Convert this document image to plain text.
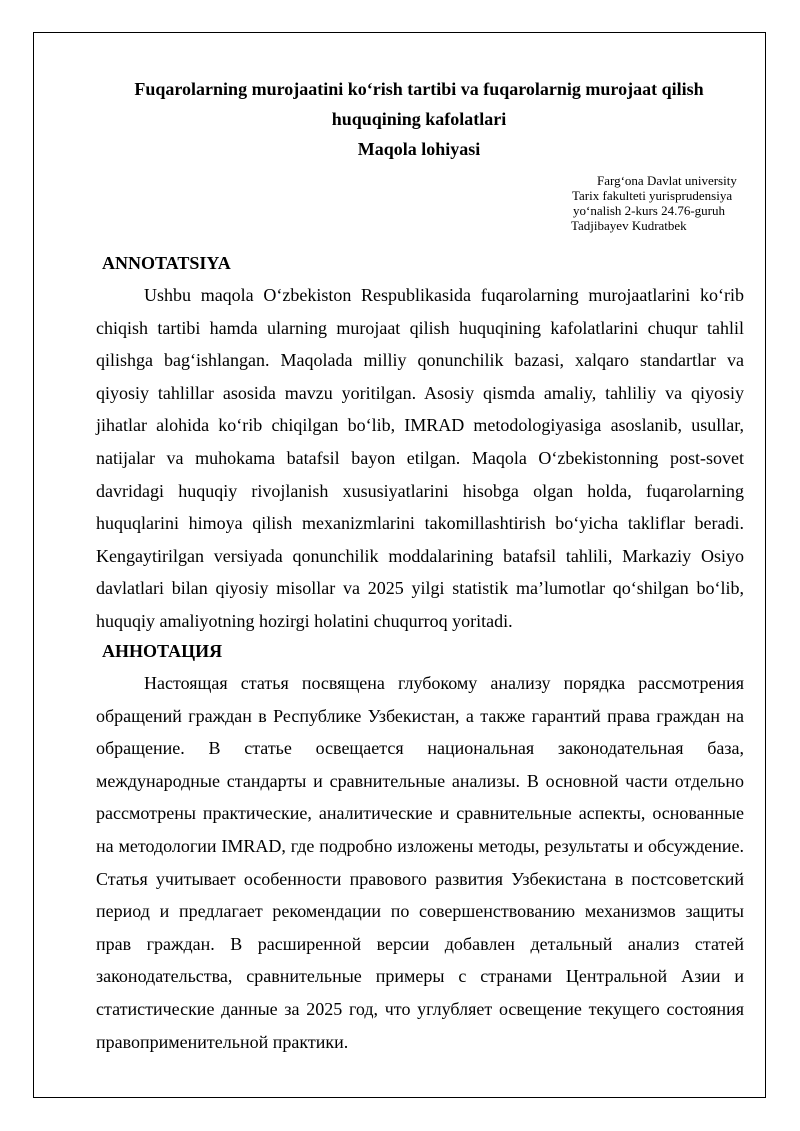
Fuqarolarning murojaatini ko‘rish tartibi va fuqarolarnig murojaat qilish
huquqining kafolatlari
Maqola lohiyasi
Farg‘ona Davlat university
Tarix fakulteti yurisprudensiya
yo‘nalish 2-kurs 24.76-guruh
Tadjibayev Kudratbek
ANNOTATSIYA

Ushbu maqola O‘zbekiston Respublikasida fuqarolarning murojaatlarini ko‘rib chiqish tartibi hamda ularning murojaat qilish huquqining kafolatlarini chuqur tahlil qilishga bag‘ishlangan. Maqolada milliy qonunchilik bazasi, xalqaro standartlar va qiyosiy tahlillar asosida mavzu yoritilgan. Asosiy qismda amaliy, tahliliy va qiyosiy jihatlar alohida ko‘rib chiqilgan bo‘lib, IMRAD metodologiyasiga asoslanib, usullar, natijalar va muhokama batafsil bayon etilgan. Maqola O‘zbekistonning post-sovet davridagi huquqiy rivojlanish xususiyatlarini hisobga olgan holda, fuqarolarning huquqlarini himoya qilish mexanizmlarini takomillashtirish bo‘yicha takliflar beradi. Kengaytirilgan versiyada qonunchilik moddalarining batafsil tahlili, Markaziy Osiyo davlatlari bilan qiyosiy misollar va 2025 yilgi statistik ma’lumotlar qo‘shilgan bo‘lib, huquqiy amaliyotning hozirgi holatini chuqurroq yoritadi.

АННОТАЦИЯ

Настоящая статья посвящена глубокому анализу порядка рассмотрения обращений граждан в Республике Узбекистан, а также гарантий права граждан на обращение. В статье освещается национальная законодательная база, международные стандарты и сравнительные анализы. В основной части отдельно рассмотрены практические, аналитические и сравнительные аспекты, основанные на методологии IMRAD, где подробно изложены методы, результаты и обсуждение. Статья учитывает особенности правового развития Узбекистана в постсоветский период и предлагает рекомендации по совершенствованию механизмов защиты прав граждан. В расширенной версии добавлен детальный анализ статей законодательства, сравнительные примеры с странами Центральной Азии и статистические данные за 2025 год, что углубляет освещение текущего состояния правоприменительной практики.
